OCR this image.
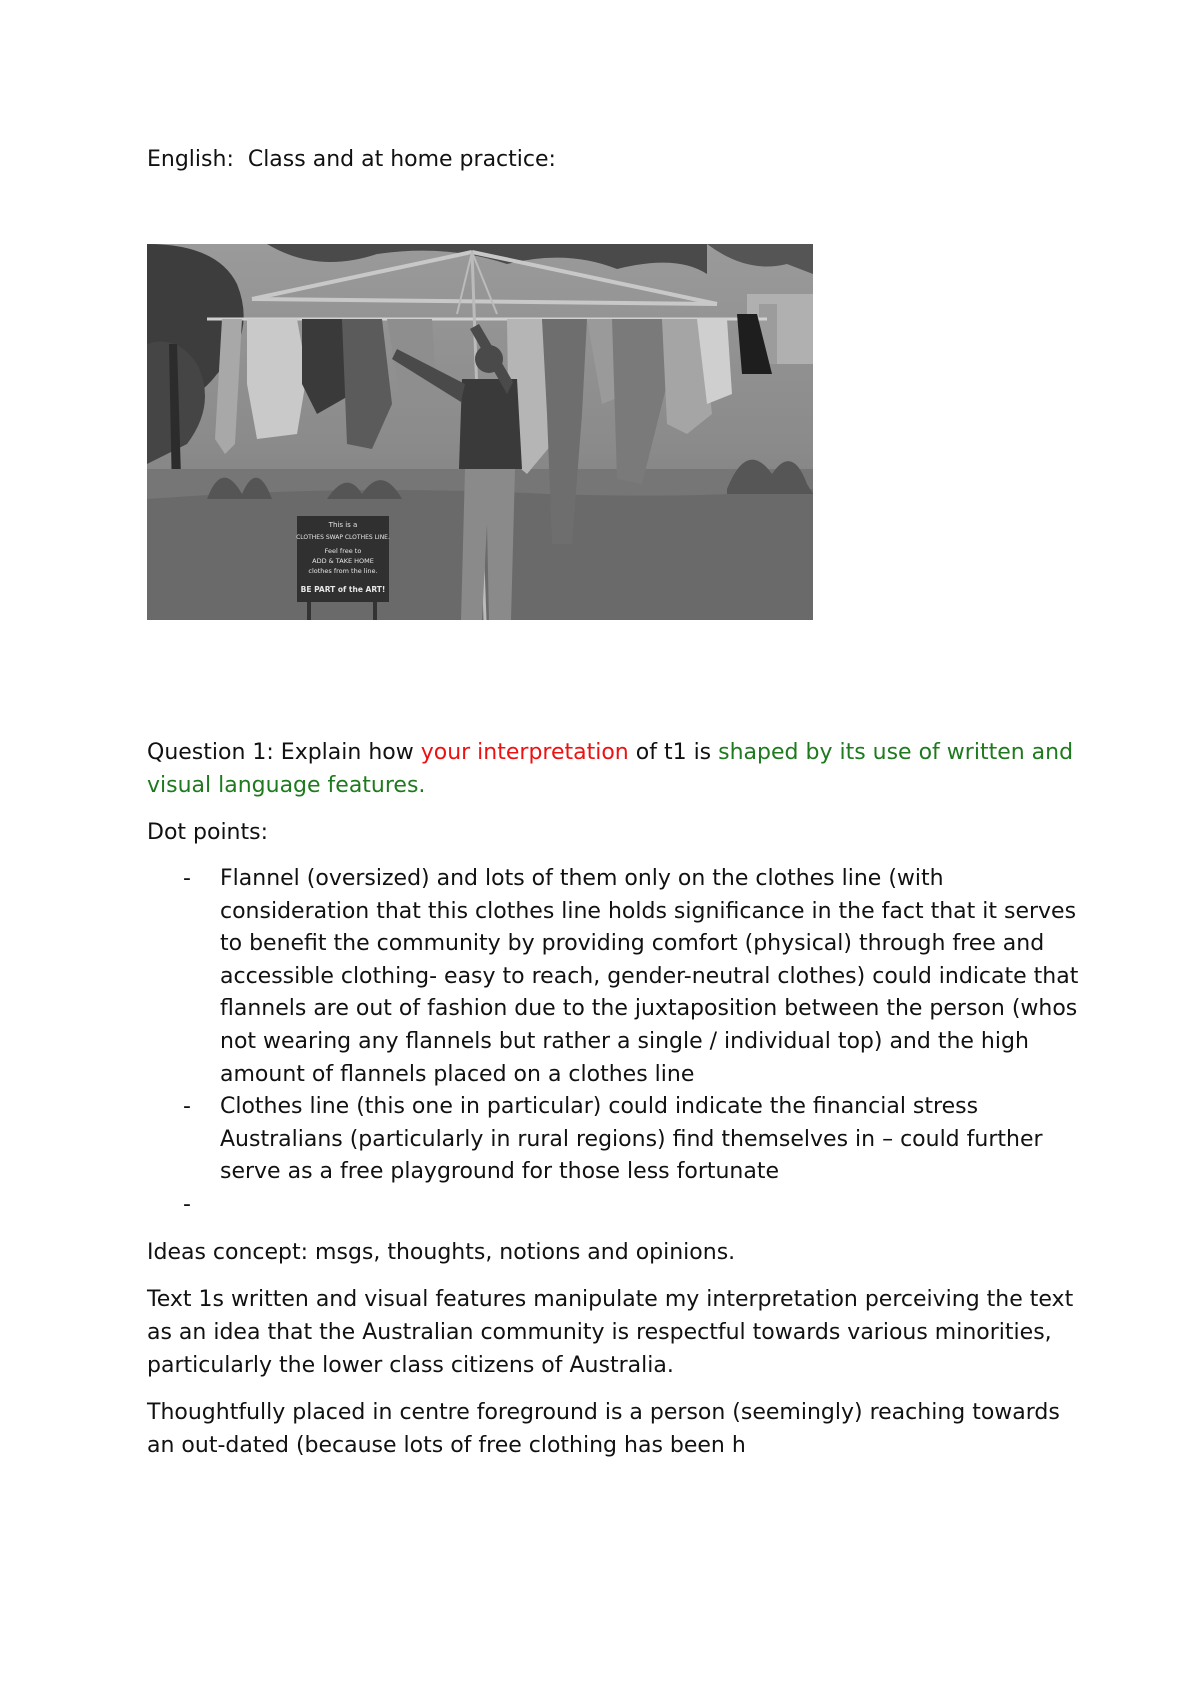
English:  Class and at home practice:
This is a
CLOTHES SWAP CLOTHES LINE.
Feel free to
ADD & TAKE HOME
clothes from the line.
BE PART of the ART!

Question 1: Explain how your interpretation of t1 is shaped by its use of written and visual language features.

Dot points:

- Flannel (oversized) and lots of them only on the clothes line (with consideration that this clothes line holds significance in the fact that it serves to benefit the community by providing comfort (physical) through free and accessible clothing- easy to reach, gender-neutral clothes) could indicate that flannels are out of fashion due to the juxtaposition between the person (whos not wearing any flannels but rather a single / individual top) and the high amount of flannels placed on a clothes line
- Clothes line (this one in particular) could indicate the financial stress Australians (particularly in rural regions) find themselves in – could further serve as a free playground for those less fortunate
-

Ideas concept: msgs, thoughts, notions and opinions.

Text 1s written and visual features manipulate my interpretation perceiving the text as an idea that the Australian community is respectful towards various minorities, particularly the lower class citizens of Australia.

Thoughtfully placed in centre foreground is a person (seemingly) reaching towards an out-dated (because lots of free clothing has been h
